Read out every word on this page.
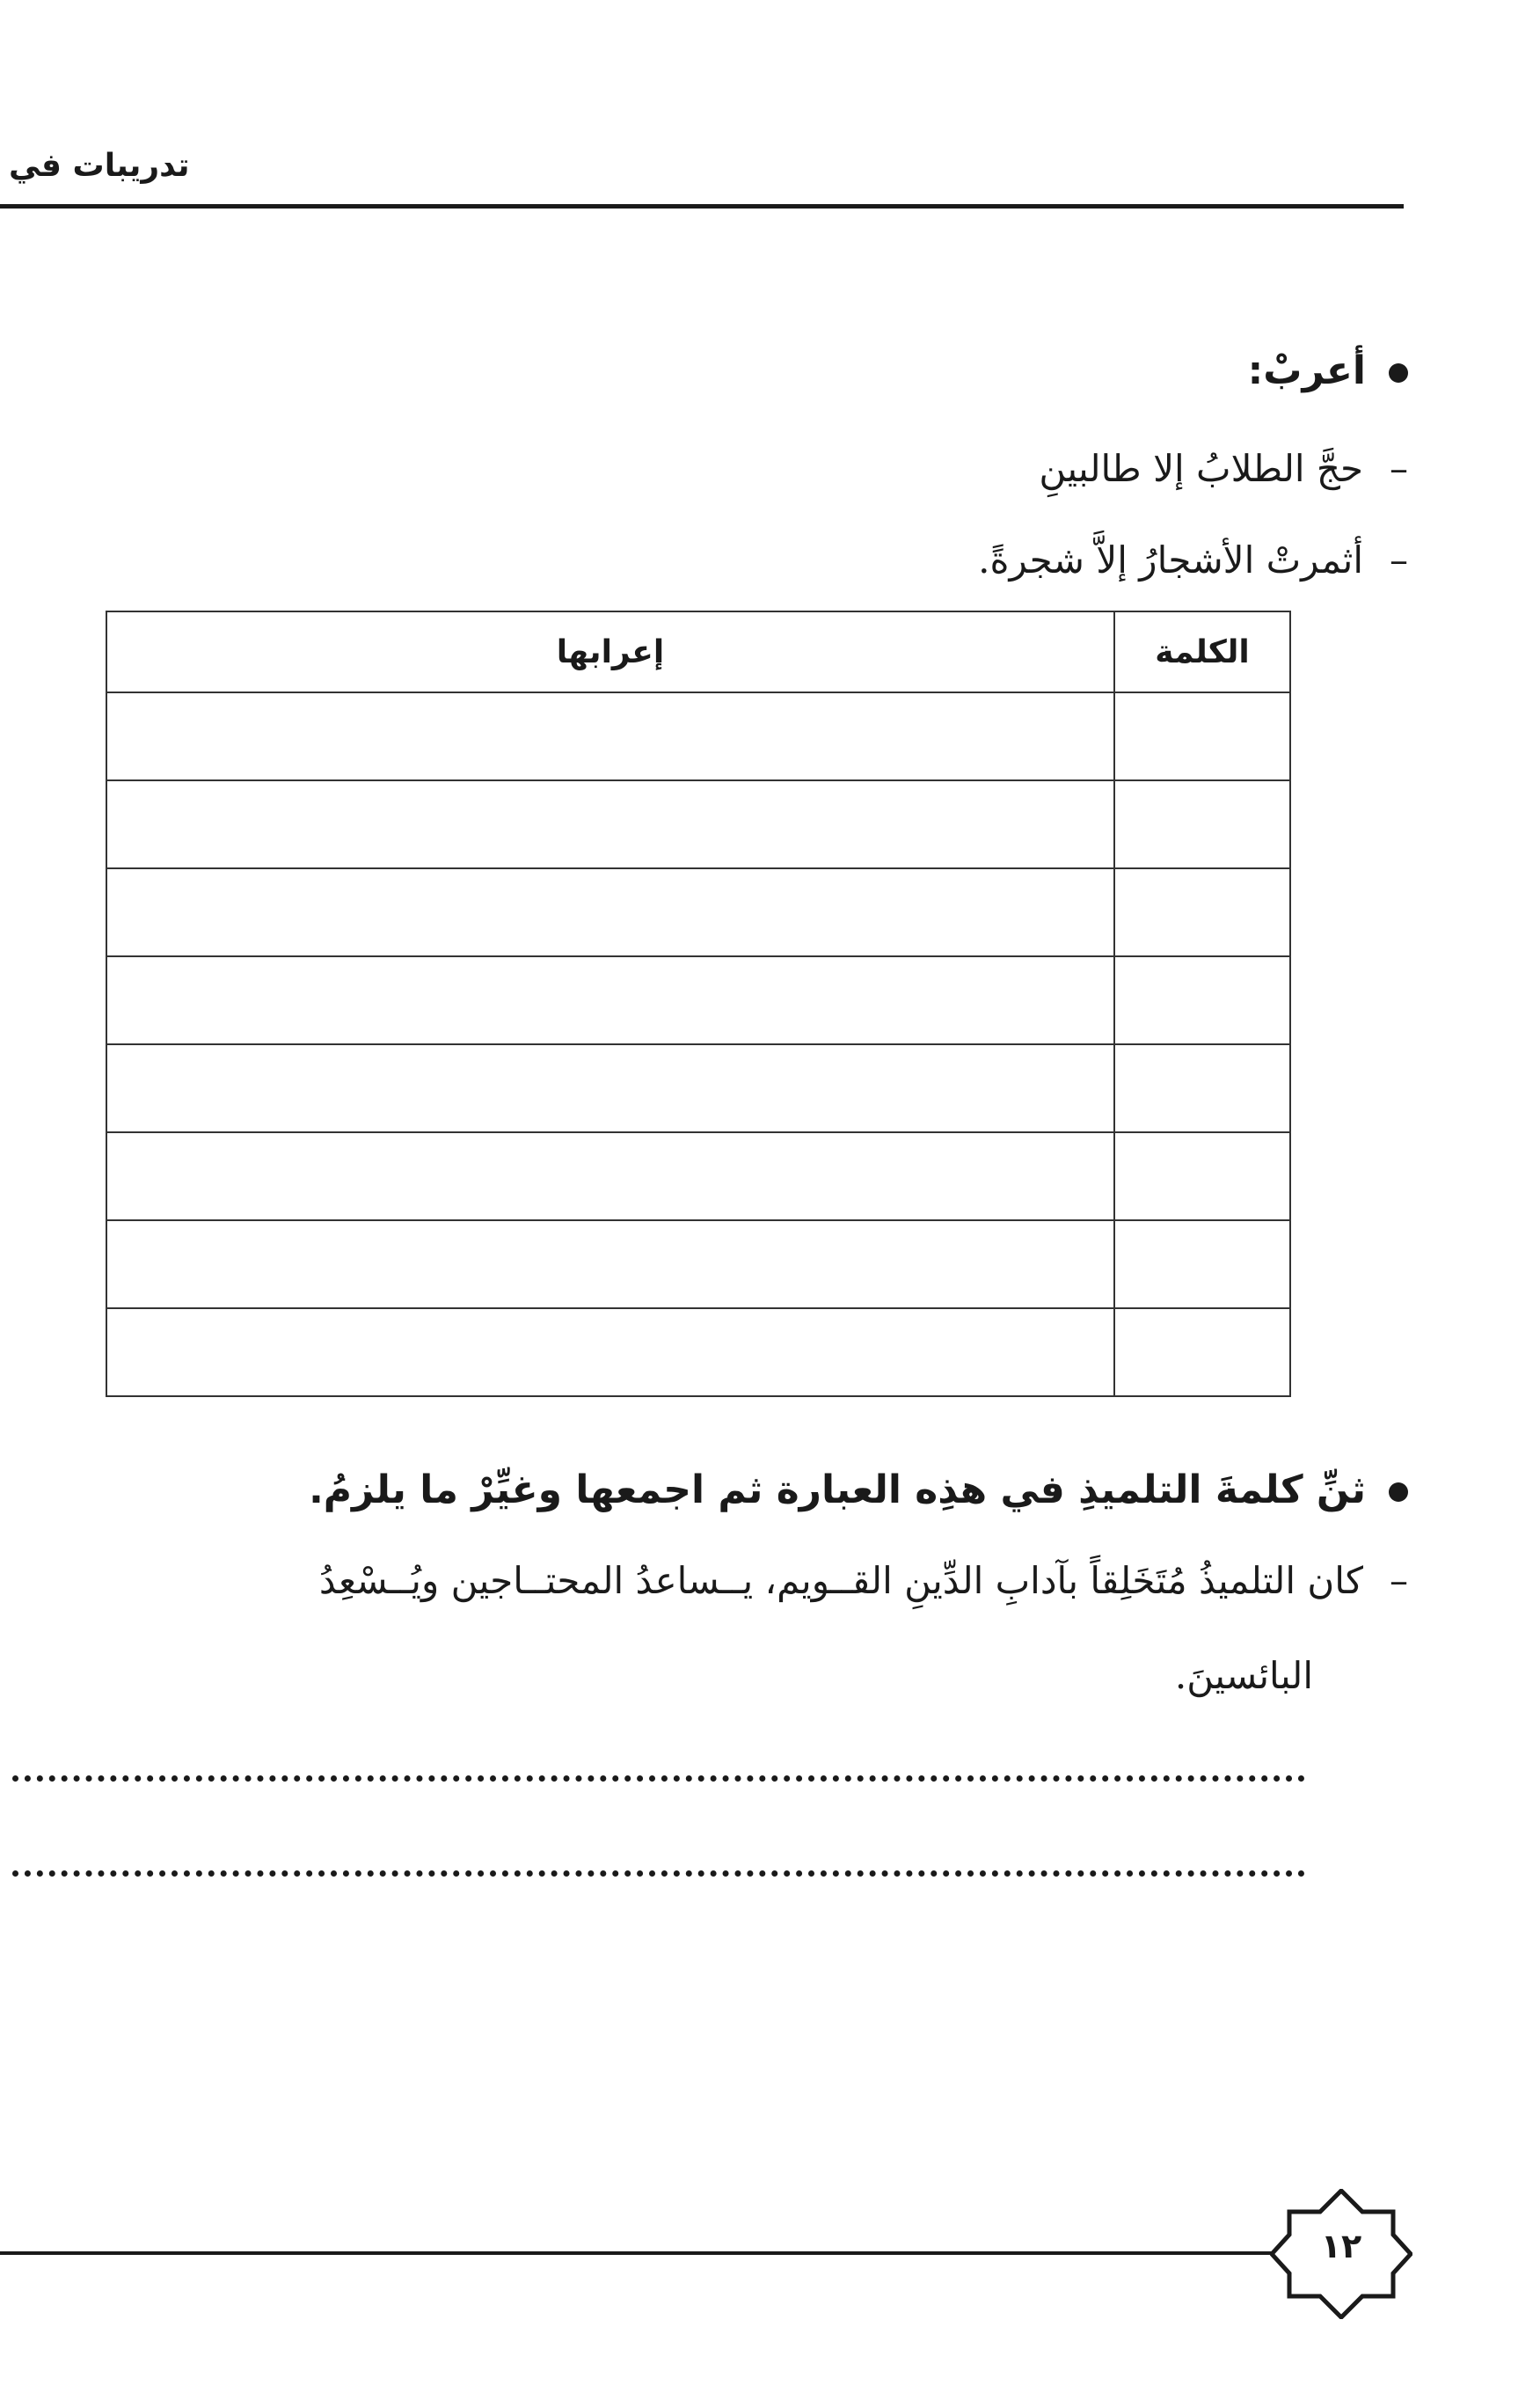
تدريبات في
أعربْ:
–حجَّ الطلابُ إلا طالبينِ
–أثمرتْ الأشجارُ إلاَّ شجرةً.
الكلمة	إعرابها

ثنِّ كلمةَ التلميذِ في هذِه العبارة ثم اجمعها وغيِّرْ ما يلزمُ.
–كان التلميذُ مُتَخَلِقاً بآدابِ الدِّينِ القــويم، يــساعدُ المحتــاجين ويُــسْعِدُ
البائسينَ.
١٢
